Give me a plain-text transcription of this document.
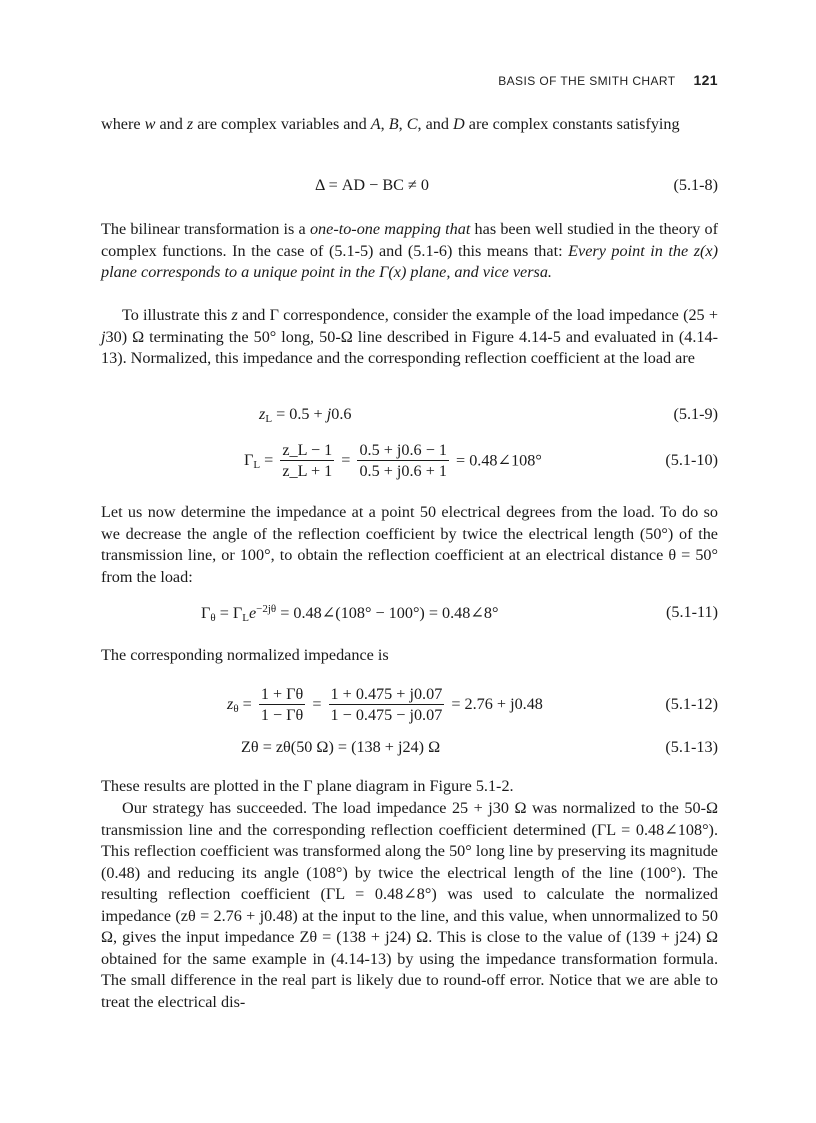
BASIS OF THE SMITH CHART 121
where w and z are complex variables and A, B, C, and D are complex constants satisfying
Δ = AD − BC ≠ 0	(5.1-8)
The bilinear transformation is a one-to-one mapping that has been well studied in the theory of complex functions. In the case of (5.1-5) and (5.1-6) this means that: Every point in the z(x) plane corresponds to a unique point in the Γ(x) plane, and vice versa.
To illustrate this z and Γ correspondence, consider the example of the load impedance (25 + j30) Ω terminating the 50° long, 50-Ω line described in Figure 4.14-5 and evaluated in (4.14-13). Normalized, this impedance and the corresponding reflection coefficient at the load are
$z_L = 0.5 + j0.6$	(5.1-9)
$\Gamma_L = \frac{z\_L - 1}{z\_L + 1} = \frac{0.5 + j0.6 - 1}{0.5 + j0.6 + 1}$ = 0.48∠108°	(5.1-10)
Let us now determine the impedance at a point 50 electrical degrees from the load. To do so we decrease the angle of the reflection coefficient by twice the electrical length (50°) of the transmission line, or 100°, to obtain the reflection coefficient at an electrical distance θ = 50° from the load:
$\Gamma_\theta = \Gamma_Le^{-2j\theta}$ = 0.48∠(108° − 100°) = 0.48∠8°	(5.1-11)
The corresponding normalized impedance is
$z_\theta = \frac{1 + \Gamma\theta}{1 - \Gamma\theta} = \frac{1 + 0.475 + j0.07}{1 - 0.475 - j0.07} = 2.76 + j0.48$	(5.1-12)
Zθ = zθ(50 Ω) = (138 + j24) Ω	(5.1-13)
These results are plotted in the Γ plane diagram in Figure 5.1-2.
Our strategy has succeeded. The load impedance 25 + j30 Ω was normalized to the 50-Ω transmission line and the corresponding reflection coefficient determined (ΓL = 0.48∠108°). This reflection coefficient was transformed along the 50° long line by preserving its magnitude (0.48) and reducing its angle (108°) by twice the electrical length of the line (100°). The resulting reflection coefficient (ΓL = 0.48∠8°) was used to calculate the normalized impedance (zθ = 2.76 + j0.48) at the input to the line, and this value, when unnormalized to 50 Ω, gives the input impedance Zθ = (138 + j24) Ω. This is close to the value of (139 + j24) Ω obtained for the same example in (4.14-13) by using the impedance transformation formula. The small difference in the real part is likely due to round-off error. Notice that we are able to treat the electrical dis-
